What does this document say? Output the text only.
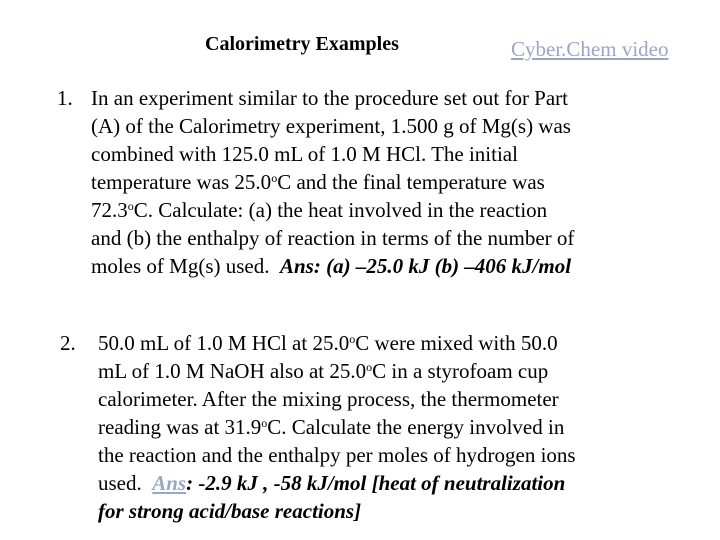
Calorimetry Examples	Cyber.Chem video
1. In an experiment similar to the procedure set out for Part
(A) of the Calorimetry experiment, 1.500 g of Mg(s) was
combined with 125.0 mL of 1.0 M HCl. The initial
temperature was 25.0$^o$C and the final temperature was
72.3$^o$C. Calculate: (a) the heat involved in the reaction
and (b) the enthalpy of reaction in terms of the number of
moles of Mg(s) used. Ans: (a) –25.0 kJ (b) –406 kJ/mol
2. 50.0 mL of 1.0 M HCl at 25.0$^o$C were mixed with 50.0
mL of 1.0 M NaOH also at 25.0$^o$C in a styrofoam cup
calorimeter. After the mixing process, the thermometer
reading was at 31.9$^o$C. Calculate the energy involved in
the reaction and the enthalpy per moles of hydrogen ions
used. Ans: -2.9 kJ , -58 kJ/mol [heat of neutralization
for strong acid/base reactions]
